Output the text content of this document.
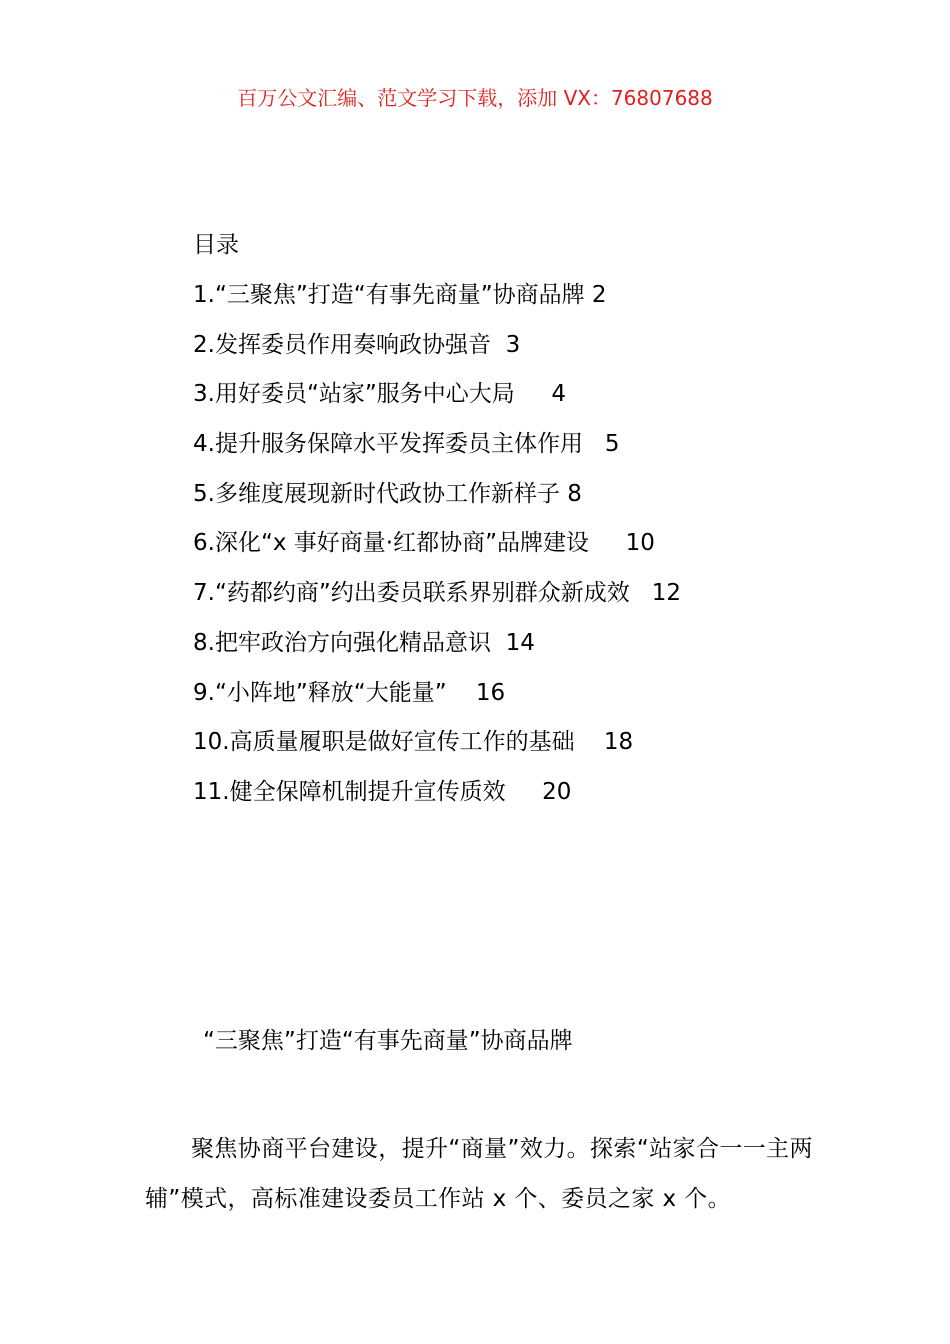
百万公文汇编、范文学习下载，添加 VX：76807688
目录
1.“三聚焦”打造“有事先商量”协商品牌 2
2.发挥委员作用奏响政协强音  3
3.用好委员“站家”服务中心大局     4
4.提升服务保障水平发挥委员主体作用   5
5.多维度展现新时代政协工作新样子 8
6.深化“x 事好商量·红都协商”品牌建设     10
7.“药都约商”约出委员联系界别群众新成效   12
8.把牢政治方向强化精品意识  14
9.“小阵地”释放“大能量”    16
10.高质量履职是做好宣传工作的基础    18
11.健全保障机制提升宣传质效     20
“三聚焦”打造“有事先商量”协商品牌

聚焦协商平台建设，提升“商量”效力。探索“站家合一一主两辅”模式，高标准建设委员工作站 x 个、委员之家 x 个。
